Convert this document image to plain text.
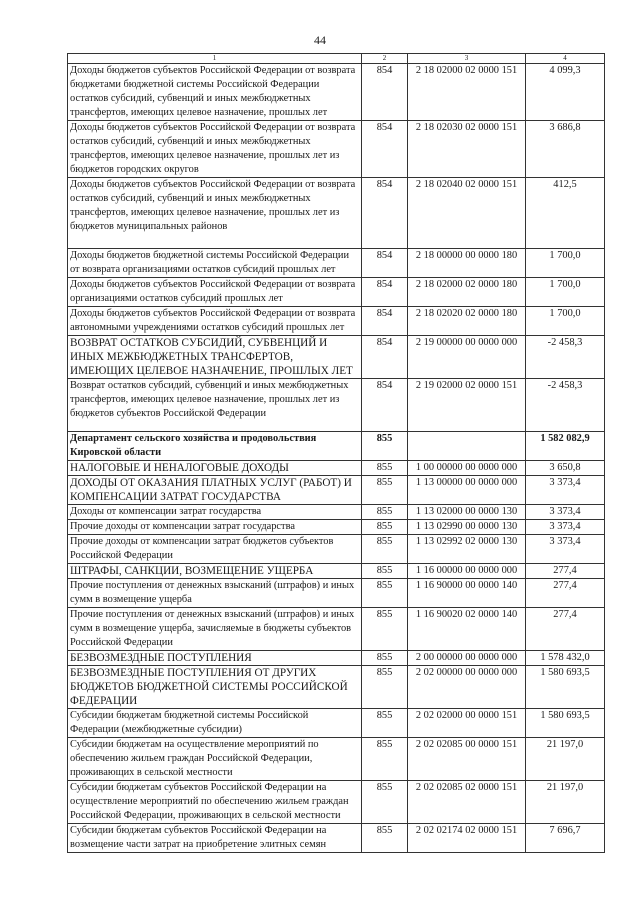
44
1	2	3	4
Доходы бюджетов субъектов Российской Федерации от возврата бюджетами бюджетной системы Российской Федерации остатков субсидий, субвенций и иных межбюджетных трансфертов, имеющих целевое назначение, прошлых лет	854	2 18 02000 02 0000 151	4 099,3
Доходы бюджетов субъектов Российской Федерации от возврата остатков субсидий, субвенций и иных межбюджетных трансфертов, имеющих целевое назначение, прошлых лет из бюджетов городских округов	854	2 18 02030 02 0000 151	3 686,8
Доходы бюджетов субъектов Российской Федерации от возврата остатков субсидий, субвенций и иных межбюджетных трансфертов, имеющих целевое назначение, прошлых лет из бюджетов муниципальных районов	854	2 18 02040 02 0000 151	412,5
Доходы бюджетов бюджетной системы Российской Федерации от возврата организациями остатков субсидий прошлых лет	854	2 18 00000 00 0000 180	1 700,0
Доходы бюджетов субъектов Российской Федерации от возврата организациями остатков субсидий прошлых лет	854	2 18 02000 02 0000 180	1 700,0
Доходы бюджетов субъектов Российской Федерации от возврата автономными учреждениями остатков субсидий прошлых лет	854	2 18 02020 02 0000 180	1 700,0
ВОЗВРАТ ОСТАТКОВ СУБСИДИЙ, СУБВЕНЦИЙ И ИНЫХ МЕЖБЮДЖЕТНЫХ ТРАНСФЕРТОВ, ИМЕЮЩИХ ЦЕЛЕВОЕ НАЗНАЧЕНИЕ, ПРОШЛЫХ ЛЕТ	854	2 19 00000 00 0000 000	-2 458,3
Возврат остатков субсидий, субвенций и иных межбюджетных трансфертов, имеющих целевое назначение, прошлых лет из бюджетов субъектов Российской Федерации	854	2 19 02000 02 0000 151	-2 458,3
Департамент сельского хозяйства и продовольствия Кировской области	855		1 582 082,9
НАЛОГОВЫЕ И НЕНАЛОГОВЫЕ ДОХОДЫ	855	1 00 00000 00 0000 000	3 650,8
ДОХОДЫ ОТ ОКАЗАНИЯ ПЛАТНЫХ УСЛУГ (РАБОТ) И КОМПЕНСАЦИИ ЗАТРАТ ГОСУДАРСТВА	855	1 13 00000 00 0000 000	3 373,4
Доходы от компенсации затрат государства	855	1 13 02000 00 0000 130	3 373,4
Прочие доходы от компенсации затрат государства	855	1 13 02990 00 0000 130	3 373,4
Прочие доходы от компенсации затрат бюджетов субъектов Российской Федерации	855	1 13 02992 02 0000 130	3 373,4
ШТРАФЫ, САНКЦИИ, ВОЗМЕЩЕНИЕ УЩЕРБА	855	1 16 00000 00 0000 000	277,4
Прочие поступления от денежных взысканий (штрафов) и иных сумм в возмещение ущерба	855	1 16 90000 00 0000 140	277,4
Прочие поступления от денежных взысканий (штрафов) и иных сумм в возмещение ущерба, зачисляемые в бюджеты субъектов Российской Федерации	855	1 16 90020 02 0000 140	277,4
БЕЗВОЗМЕЗДНЫЕ ПОСТУПЛЕНИЯ	855	2 00 00000 00 0000 000	1 578 432,0
БЕЗВОЗМЕЗДНЫЕ ПОСТУПЛЕНИЯ ОТ ДРУГИХ БЮДЖЕТОВ БЮДЖЕТНОЙ СИСТЕМЫ РОССИЙСКОЙ ФЕДЕРАЦИИ	855	2 02 00000 00 0000 000	1 580 693,5
Субсидии бюджетам бюджетной системы Российской Федерации (межбюджетные субсидии)	855	2 02 02000 00 0000 151	1 580 693,5
Субсидии бюджетам на осуществление мероприятий по обеспечению жильем граждан Российской Федерации, проживающих в сельской местности	855	2 02 02085 00 0000 151	21 197,0
Субсидии бюджетам субъектов Российской Федерации на осуществление мероприятий по обеспечению жильем граждан Российской Федерации, проживающих в сельской местности	855	2 02 02085 02 0000 151	21 197,0
Субсидии бюджетам субъектов Российской Федерации на возмещение части затрат на приобретение элитных семян	855	2 02 02174 02 0000 151	7 696,7
